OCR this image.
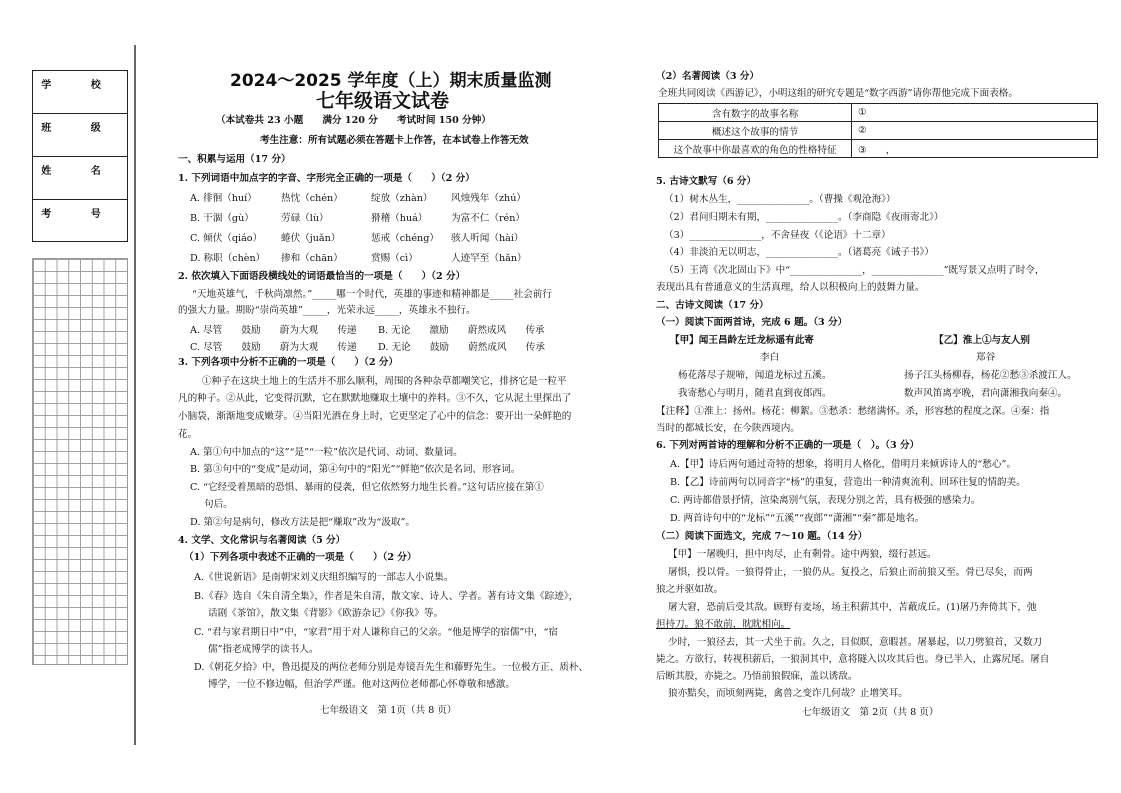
学 校
班 级
姓 名
考 号
2024～2025 学年度（上）期末质量监测
七年级语文试卷
（本试卷共 23 小题　　满分 120 分　　考试时间 150 分钟）
考生注意：所有试题必须在答题卡上作答，在本试卷上作答无效
一、积累与运用（17 分）
1. 下列词语中加点字的字音、字形完全正确的一项是（　　）（2 分）
A. 徘徊（huí）	热忱（chén）	绽放（zhàn） 风烛残年（zhú）
B. 干涸（gù）	劳碌（lù）	猾稽（huá） 为富不仁（rén）
C. 倾伏（qiáo） 蜷伏（juǎn）	惩戒（chéng） 骇人听闻（hài）
D. 称职（chèn） 掺和（chān）	赏赐（cì）	人迹罕至（hǎn）
2. 依次填入下面语段横线处的词语最恰当的一项是（　　）（2 分）
“天地英雄气，千秋尚凛然。”_____哪一个时代，英雄的事迹和精神都是_____社会前行
的强大力量。期盼“崇尚英雄”_____，光荣永远_____，英雄永不独行。
A. 尽管　　鼓励　　蔚为大观　　传递 B. 无论　　激励　　蔚然成风　　传承
C. 尽管　　鼓励　　蔚为大观　　传递 D. 无论　　鼓励　　蔚然成风　　传承
3. 下列各项中分析不正确的一项是（　　）（2 分）
①种子在这块土地上的生活并不那么顺利，周围的各种杂草都嘲笑它，排挤它是一粒平
凡的种子。②从此，它变得沉默，它在默默地赚取土壤中的养料。③不久，它从泥土里探出了
小脑袋，渐渐地变成嫩芽。④当阳光洒在身上时，它更坚定了心中的信念：要开出一朵鲜艳的
花。
A. 第①句中加点的“这”“是”“一粒”依次是代词、动词、数量词。
B. 第③句中的“变成”是动词，第④句中的“阳光”“鲜艳”依次是名词、形容词。
C. “它经受着黑暗的恐惧、暴雨的侵袭，但它依然努力地生长着。”这句话应接在第①
句后。
D. 第②句是病句，修改方法是把“赚取”改为“汲取”。
4. 文学、文化常识与名著阅读（5 分）
（1）下列各项中表述不正确的一项是（　　）（2 分）
A.《世说新语》是南朝宋刘义庆组织编写的一部志人小说集。
B.《春》选自《朱自清全集》，作者是朱自清，散文家、诗人、学者。著有诗文集《踪迹》，
话剧《茶馆》，散文集《背影》《欧游杂记》《你我》等。
C. “君与家君期日中”中，“家君”用于对人谦称自己的父亲。“他是博学的宿儒”中，“宿
儒”指老成博学的读书人。
D.《朝花夕拾》中，鲁迅提及的两位老师分别是寿镜吾先生和藤野先生。一位极方正、质朴、
博学，一位不修边幅，但治学严谨。他对这两位老师都心怀尊敬和感激。
七年级语文　第 1页（共 8 页）
（2）名著阅读（3 分）
全班共同阅读《西游记》，小明这组的研究专题是“数字西游”请你帮他完成下面表格。
含有数字的故事名称	①
概述这个故事的情节	②
这个故事中你最喜欢的角色的性格特征	③　　，
5. 古诗文默写（6 分）
（1）树木丛生，_______________。（曹操《观沧海》）
（2）君问归期未有期，_______________。（李商隐《夜雨寄北》）
（3）_______________，不舍昼夜（《论语》十二章）
（4）非淡泊无以明志，_______________。（诸葛亮《诫子书》）
（5）王湾《次北固山下》中“_______________，_______________”既写景又点明了时令，
表现出具有普通意义的生活真理，给人以积极向上的鼓舞力量。
二、古诗文阅读（17 分）
（一）阅读下面两首诗，完成 6 题。（3 分）
【甲】闻王昌龄左迁龙标遥有此寄
李白
杨花落尽子规啼，闻道龙标过五溪。
我寄愁心与明月，随君直到夜郎西。
【乙】淮上①与友人别
郑谷
扬子江头杨柳春，杨花②愁③杀渡江人。
数声风笛离亭晚，君向潇湘我向秦④。
【注释】①淮上：扬州。杨花：柳絮。③愁杀：愁绪满怀。杀，形容愁的程度之深。④秦：指
当时的都城长安，在今陕西境内。
6. 下列对两首诗的理解和分析不正确的一项是（　）。（3 分）
A.【甲】诗后两句通过奇特的想象，将明月人格化，借明月来倾诉诗人的“愁心”。
B.【乙】诗前两句以同音字“杨”的重复，营造出一种清爽流利、回环往复的情韵美。
C. 两诗都借景抒情，渲染离别气氛，表现分别之苦，具有极强的感染力。
D. 两首诗句中的“龙标”“五溪”“夜郎”“潇湘”“秦”都是地名。
（二）阅读下面选文，完成 7～10 题。（14 分）
【甲】一屠晚归，担中肉尽，止有剩骨。途中两狼，缀行甚远。
屠惧，投以骨。一狼得骨止，一狼仍从。复投之，后狼止而前狼又至。骨已尽矣，而两
狼之并驱如故。
屠大窘，恐前后受其敌。顾野有麦场，场主积薪其中，苫蔽成丘。(1)屠乃奔倚其下，弛
担持刀。狼不敢前，眈眈相向。
少时，一狼径去，其一犬坐于前。久之，目似瞑，意暇甚。屠暴起，以刀劈狼首，又数刀
毙之。方欲行，转视积薪后，一狼洞其中，意将隧入以攻其后也。身已半入，止露尻尾。屠自
后断其股，亦毙之。乃悟前狼假寐，盖以诱敌。
狼亦黠矣，而顷刻两毙，禽兽之变诈几何哉？止增笑耳。
七年级语文　第 2页（共 8 页）
